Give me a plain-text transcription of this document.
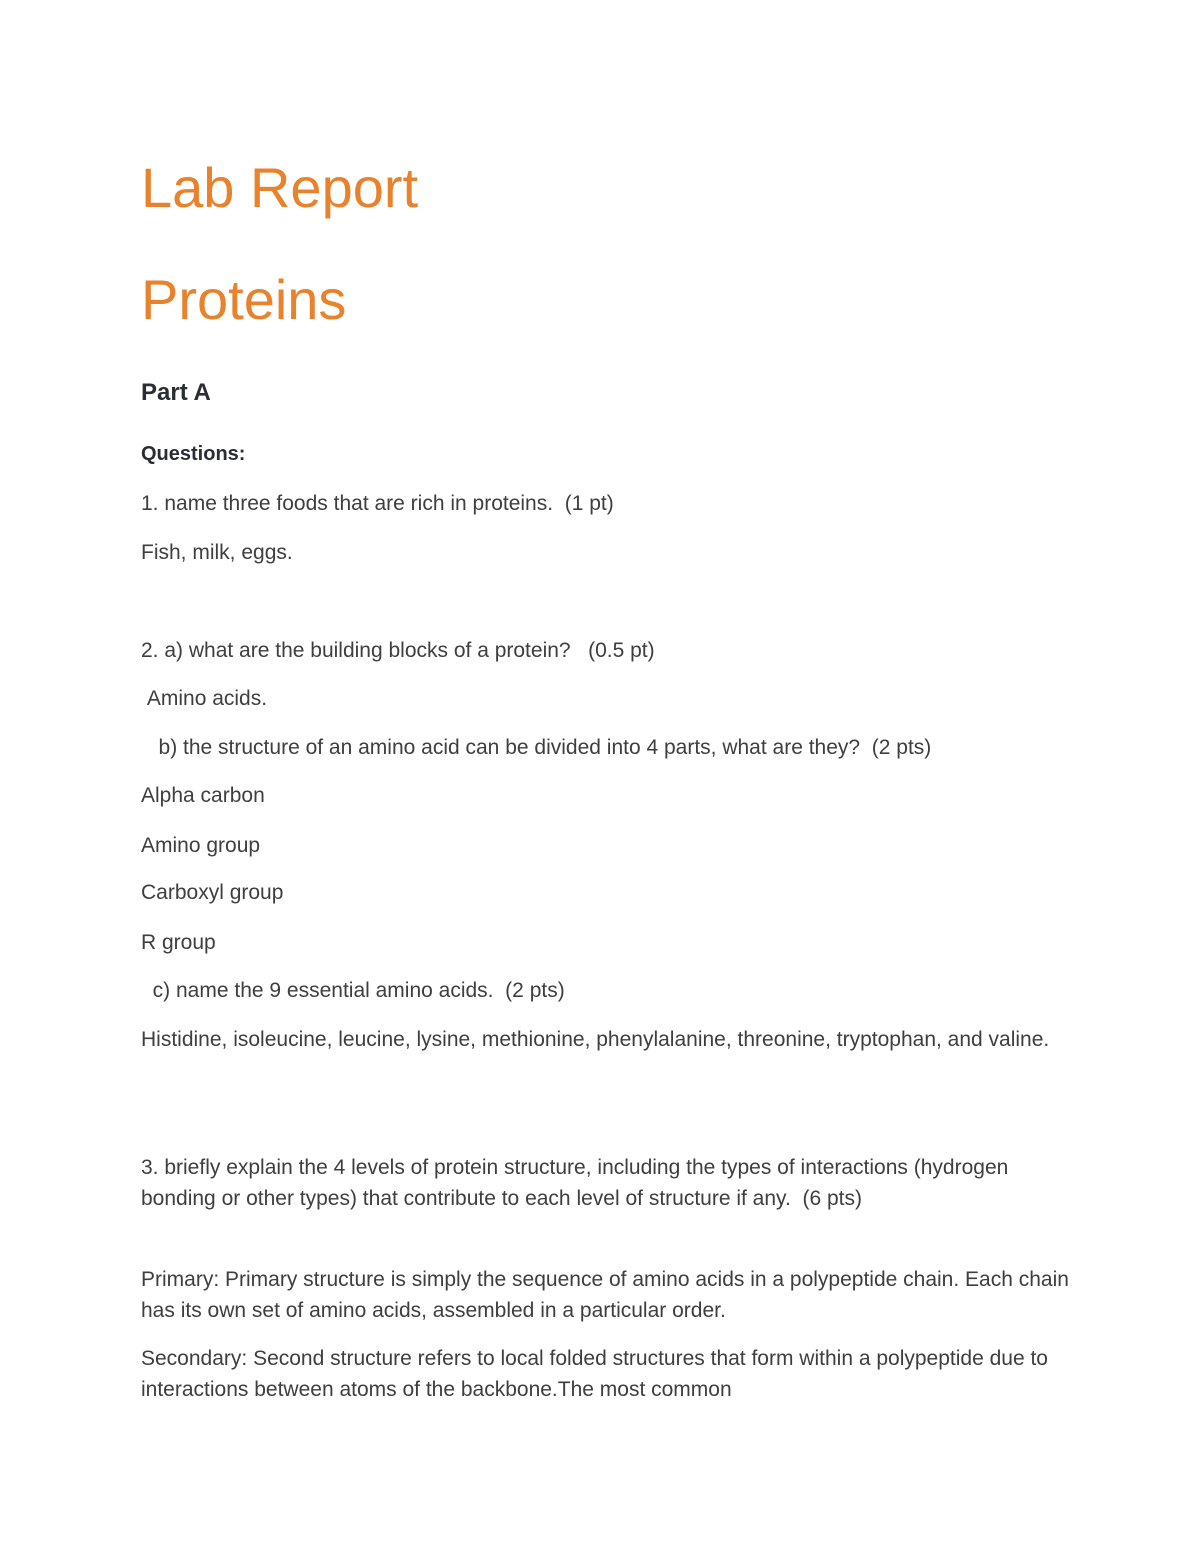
Lab Report
Proteins
Part A

Questions:

1. name three foods that are rich in proteins.  (1 pt)

Fish, milk, eggs.

2. a) what are the building blocks of a protein?   (0.5 pt)

Amino acids.

b) the structure of an amino acid can be divided into 4 parts, what are they?  (2 pts)

Alpha carbon

Amino group

Carboxyl group

R group

c) name the 9 essential amino acids.  (2 pts)

Histidine, isoleucine, leucine, lysine, methionine, phenylalanine, threonine, tryptophan, and valine.

3. briefly explain the 4 levels of protein structure, including the types of interactions (hydrogen bonding or other types) that contribute to each level of structure if any.  (6 pts)

Primary: Primary structure is simply the sequence of amino acids in a polypeptide chain. Each chain has its own set of amino acids, assembled in a particular order.

Secondary: Second structure refers to local folded structures that form within a polypeptide due to interactions between atoms of the backbone.The most common
